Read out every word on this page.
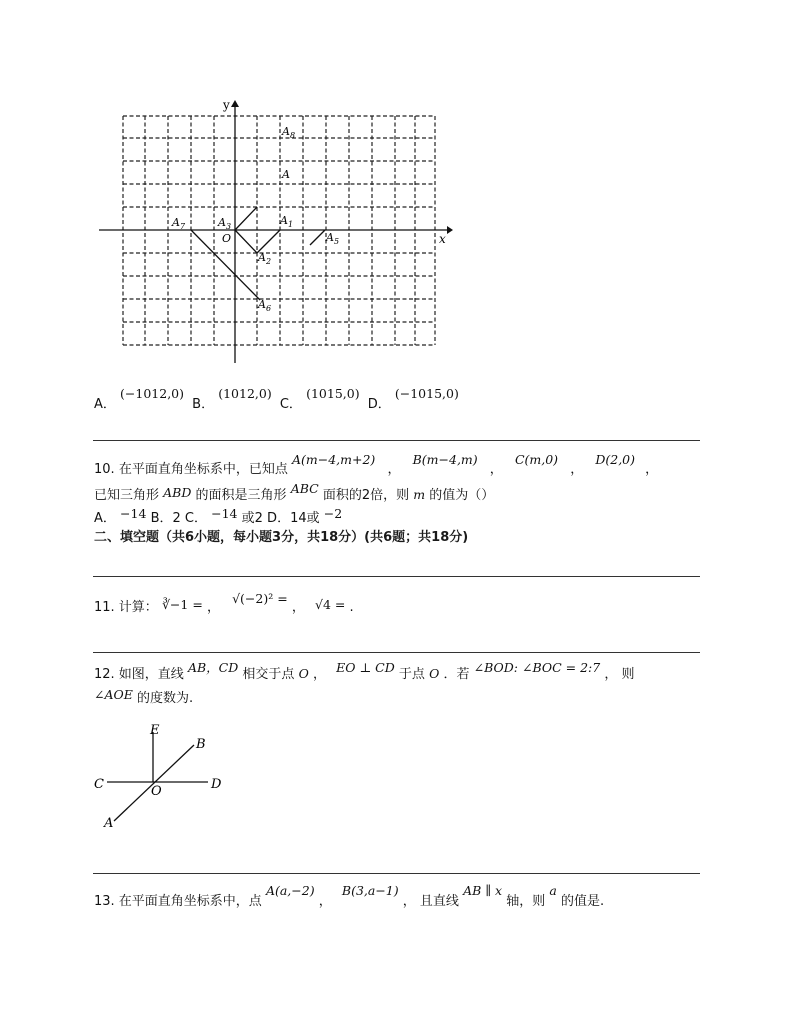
x
y
O
$A_8$
A
$A_7$	$A_3$	$A_1$
$A_2$
$A_5$
$A_6$
A． (−1012,0) B． (1012,0) C． (1015,0) D． (−1015,0)
10. 在平面直角坐标系中，已知点 A(m−4,m+2) ， B(m−4,m) ， C(m,0) ， D(2,0) ，
已知三角形 ABD 的面积是三角形 ABC 面积的2倍，则 m 的值为（）
A． −14 B．2 C． −14 或2 D．14或 −2
二、填空题（共6小题，每小题3分，共18分）(共6题；共18分)
11. 计算： ∛−1 = ， √(−2)² = ， √4 = .
12. 如图，直线 AB，CD 相交于点 O ， EO ⊥ CD 于点 O ．若 ∠BOD: ∠BOC = 2:7 ， 则
∠AOE 的度数为.
E
B
C	O	D
A
13. 在平面直角坐标系中，点 A(a,−2) ， B(3,a−1) ， 且直线 AB ∥ x 轴，则 a 的值是.
